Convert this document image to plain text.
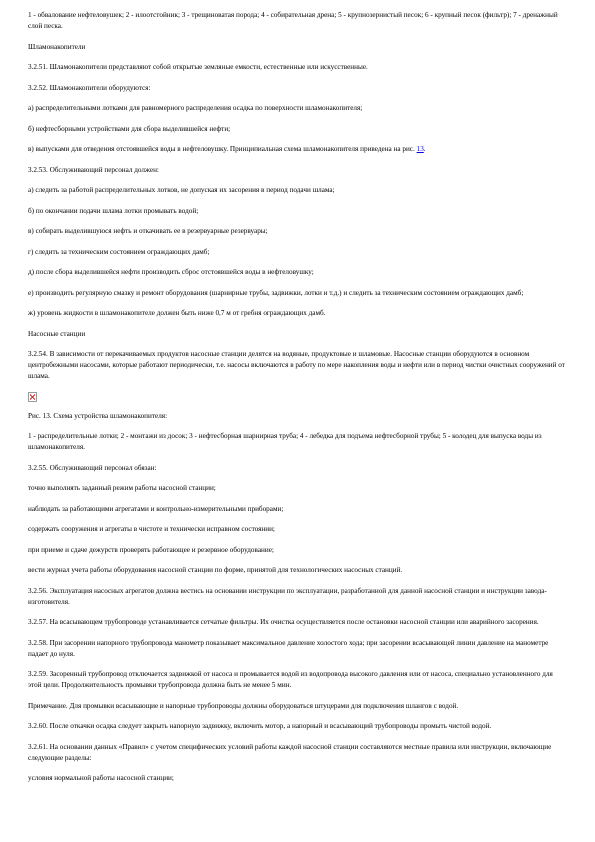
1 - обвалование нефтеловушек; 2 - илоотстойник; 3 - трещиноватая порода; 4 - собирательная дрена; 5 - крупнозернистый песок; 6 - крупный песок (фильтр); 7 - дренажный слой песка.

Шламонакопители

3.2.51. Шламонакопители представляют собой открытые земляные емкости, естественные или искусственные.

3.2.52. Шламонакопители оборудуются:

а) распределительными лотками для равномерного распределения осадка по поверхности шламонакопителя;

б) нефтесборными устройствами для сбора выделившейся нефти;

в) выпусками для отведения отстоявшейся воды в нефтеловушку. Принципиальная схема шламонакопителя приведена на рис. 13.

3.2.53. Обслуживающий персонал должен:

а) следить за работой распределительных лотков, не допуская их засорения в период подачи шлама;

б) по окончании подачи шлама лотки промывать водой;

в) собирать выделившуюся нефть и откачивать ее в резервуарные резервуары;

г) следить за техническим состоянием ограждающих дамб;

д) после сбора выделившейся нефти производить сброс отстоявшейся воды в нефтеловушку;

е) производить регулярную смазку и ремонт оборудования (шарнирные трубы, задвижки, лотки и т.д.) и следить за техническим состоянием ограждающих дамб;

ж) уровень жидкости в шламонакопителе должен быть ниже 0,7 м от гребня ограждающих дамб.

Насосные станции

3.2.54. В зависимости от перекачиваемых продуктов насосные станции делятся на водяные, продуктовые и шламовые. Насосные станции оборудуются в основном центробежными насосами, которые работают периодически, т.е. насосы включаются в работу по мере накопления воды и нефти или в период чистки очистных сооружений от шлама.

Рис. 13. Схема устройства шламонакопителя:

1 - распределительные лотки; 2 - монтажи из досок; 3 - нефтесборная шарнирная труба; 4 - лебедка для подъема нефтесборной трубы; 5 - колодец для выпуска воды из шламонакопителя.

3.2.55. Обслуживающий персонал обязан:

точно выполнять заданный режим работы насосной станции;

наблюдать за работающими агрегатами и контрольно-измерительными приборами;

содержать сооружения и агрегаты в чистоте и технически исправном состоянии;

при приеме и сдаче дежурств проверять работающее и резервное оборудование;

вести журнал учета работы оборудования насосной станции по форме, принятой для технологических насосных станций.

3.2.56. Эксплуатация насосных агрегатов должна вестись на основании инструкции по эксплуатации, разработанной для данной насосной станции и инструкции завода-изготовителя.

3.2.57. На всасывающем трубопроводе устанавливается сетчатые фильтры. Их очистка осуществляется после остановки насосной станции или аварийного засорения.

3.2.58. При засорении напорного трубопровода манометр показывает максимальное давление холостого хода; при засорении всасывающей линии давление на манометре падает до нуля.

3.2.59. Засоренный трубопровод отключается задвижкой от насоса и промывается водой из водопровода высокого давления или от насоса, специально установленного для этой цели. Продолжительность промывки трубопровода должна быть не менее 5 мин.

Примечание. Для промывки всасывающие и напорные трубопроводы должны оборудоваться штуцерами для подключения шлангов с водой.

3.2.60. После откачки осадка следует закрыть напорную задвижку, включить мотор, а напорный и всасывающий трубопроводы промыть чистой водой.

3.2.61. На основании данных «Правил» с учетом специфических условий работы каждой насосной станции составляются местные правила или инструкции, включающие следующие разделы:

условия нормальной работы насосной станции;
